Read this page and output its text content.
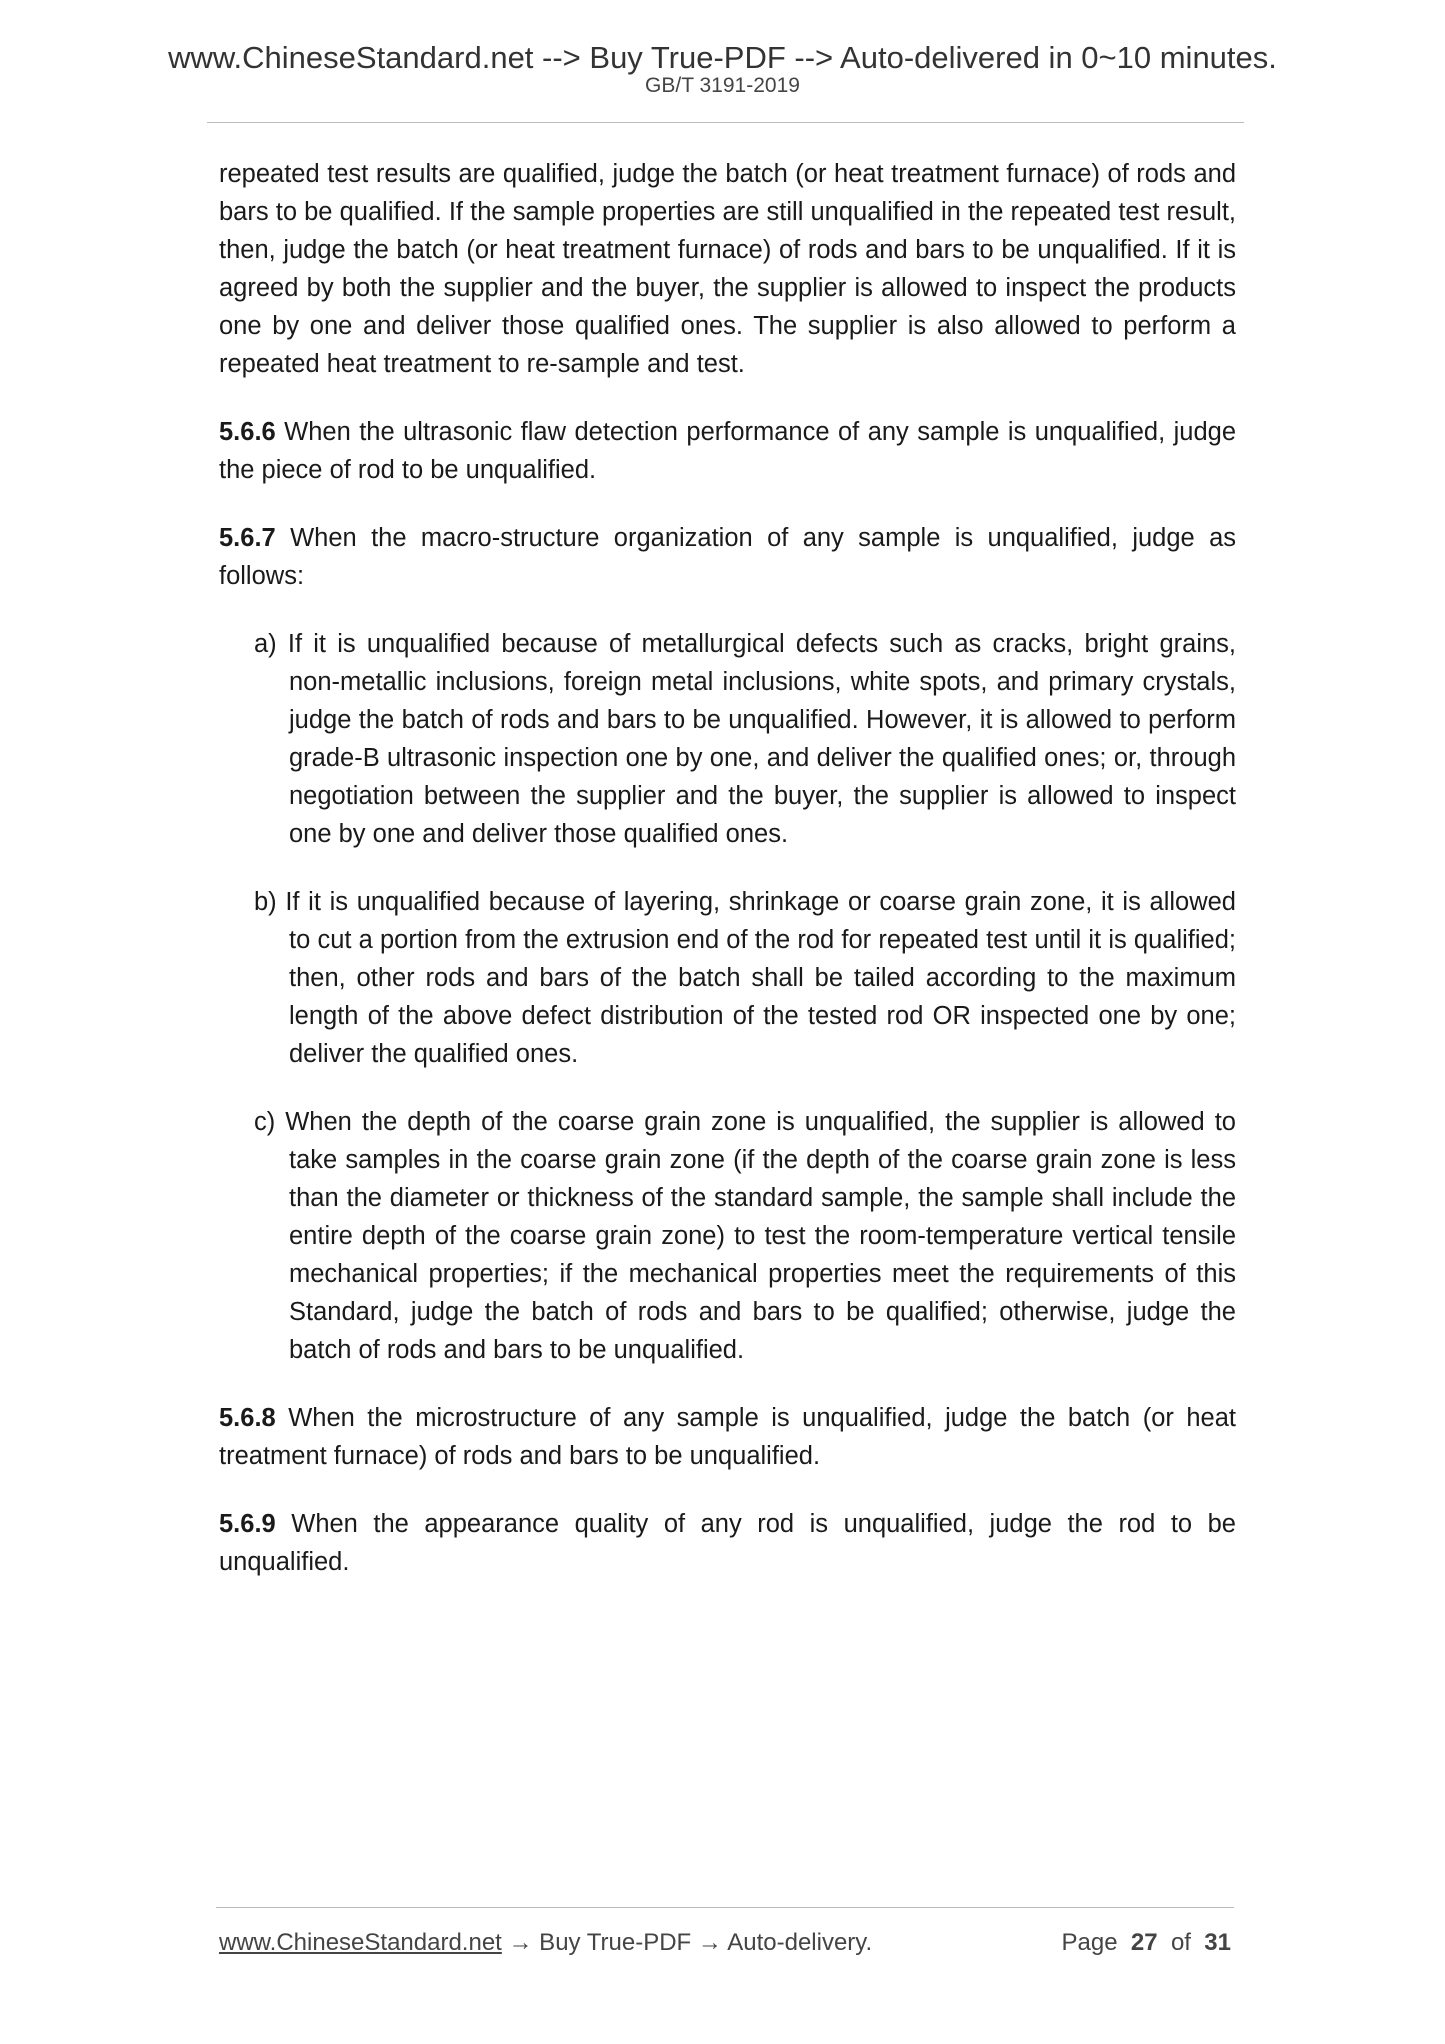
www.ChineseStandard.net --> Buy True-PDF --> Auto-delivered in 0~10 minutes.
GB/T 3191-2019

repeated test results are qualified, judge the batch (or heat treatment furnace) of rods and bars to be qualified. If the sample properties are still unqualified in the repeated test result, then, judge the batch (or heat treatment furnace) of rods and bars to be unqualified. If it is agreed by both the supplier and the buyer, the supplier is allowed to inspect the products one by one and deliver those qualified ones. The supplier is also allowed to perform a repeated heat treatment to re-sample and test.

5.6.6 When the ultrasonic flaw detection performance of any sample is unqualified, judge the piece of rod to be unqualified.

5.6.7 When the macro-structure organization of any sample is unqualified, judge as follows:

a) If it is unqualified because of metallurgical defects such as cracks, bright grains, non-metallic inclusions, foreign metal inclusions, white spots, and primary crystals, judge the batch of rods and bars to be unqualified. However, it is allowed to perform grade-B ultrasonic inspection one by one, and deliver the qualified ones; or, through negotiation between the supplier and the buyer, the supplier is allowed to inspect one by one and deliver those qualified ones.
b) If it is unqualified because of layering, shrinkage or coarse grain zone, it is allowed to cut a portion from the extrusion end of the rod for repeated test until it is qualified; then, other rods and bars of the batch shall be tailed according to the maximum length of the above defect distribution of the tested rod OR inspected one by one; deliver the qualified ones.
c) When the depth of the coarse grain zone is unqualified, the supplier is allowed to take samples in the coarse grain zone (if the depth of the coarse grain zone is less than the diameter or thickness of the standard sample, the sample shall include the entire depth of the coarse grain zone) to test the room-temperature vertical tensile mechanical properties; if the mechanical properties meet the requirements of this Standard, judge the batch of rods and bars to be qualified; otherwise, judge the batch of rods and bars to be unqualified.

5.6.8 When the microstructure of any sample is unqualified, judge the batch (or heat treatment furnace) of rods and bars to be unqualified.

5.6.9 When the appearance quality of any rod is unqualified, judge the rod to be unqualified.

www.ChineseStandard.net → Buy True-PDF → Auto-delivery.	Page 27 of 31
